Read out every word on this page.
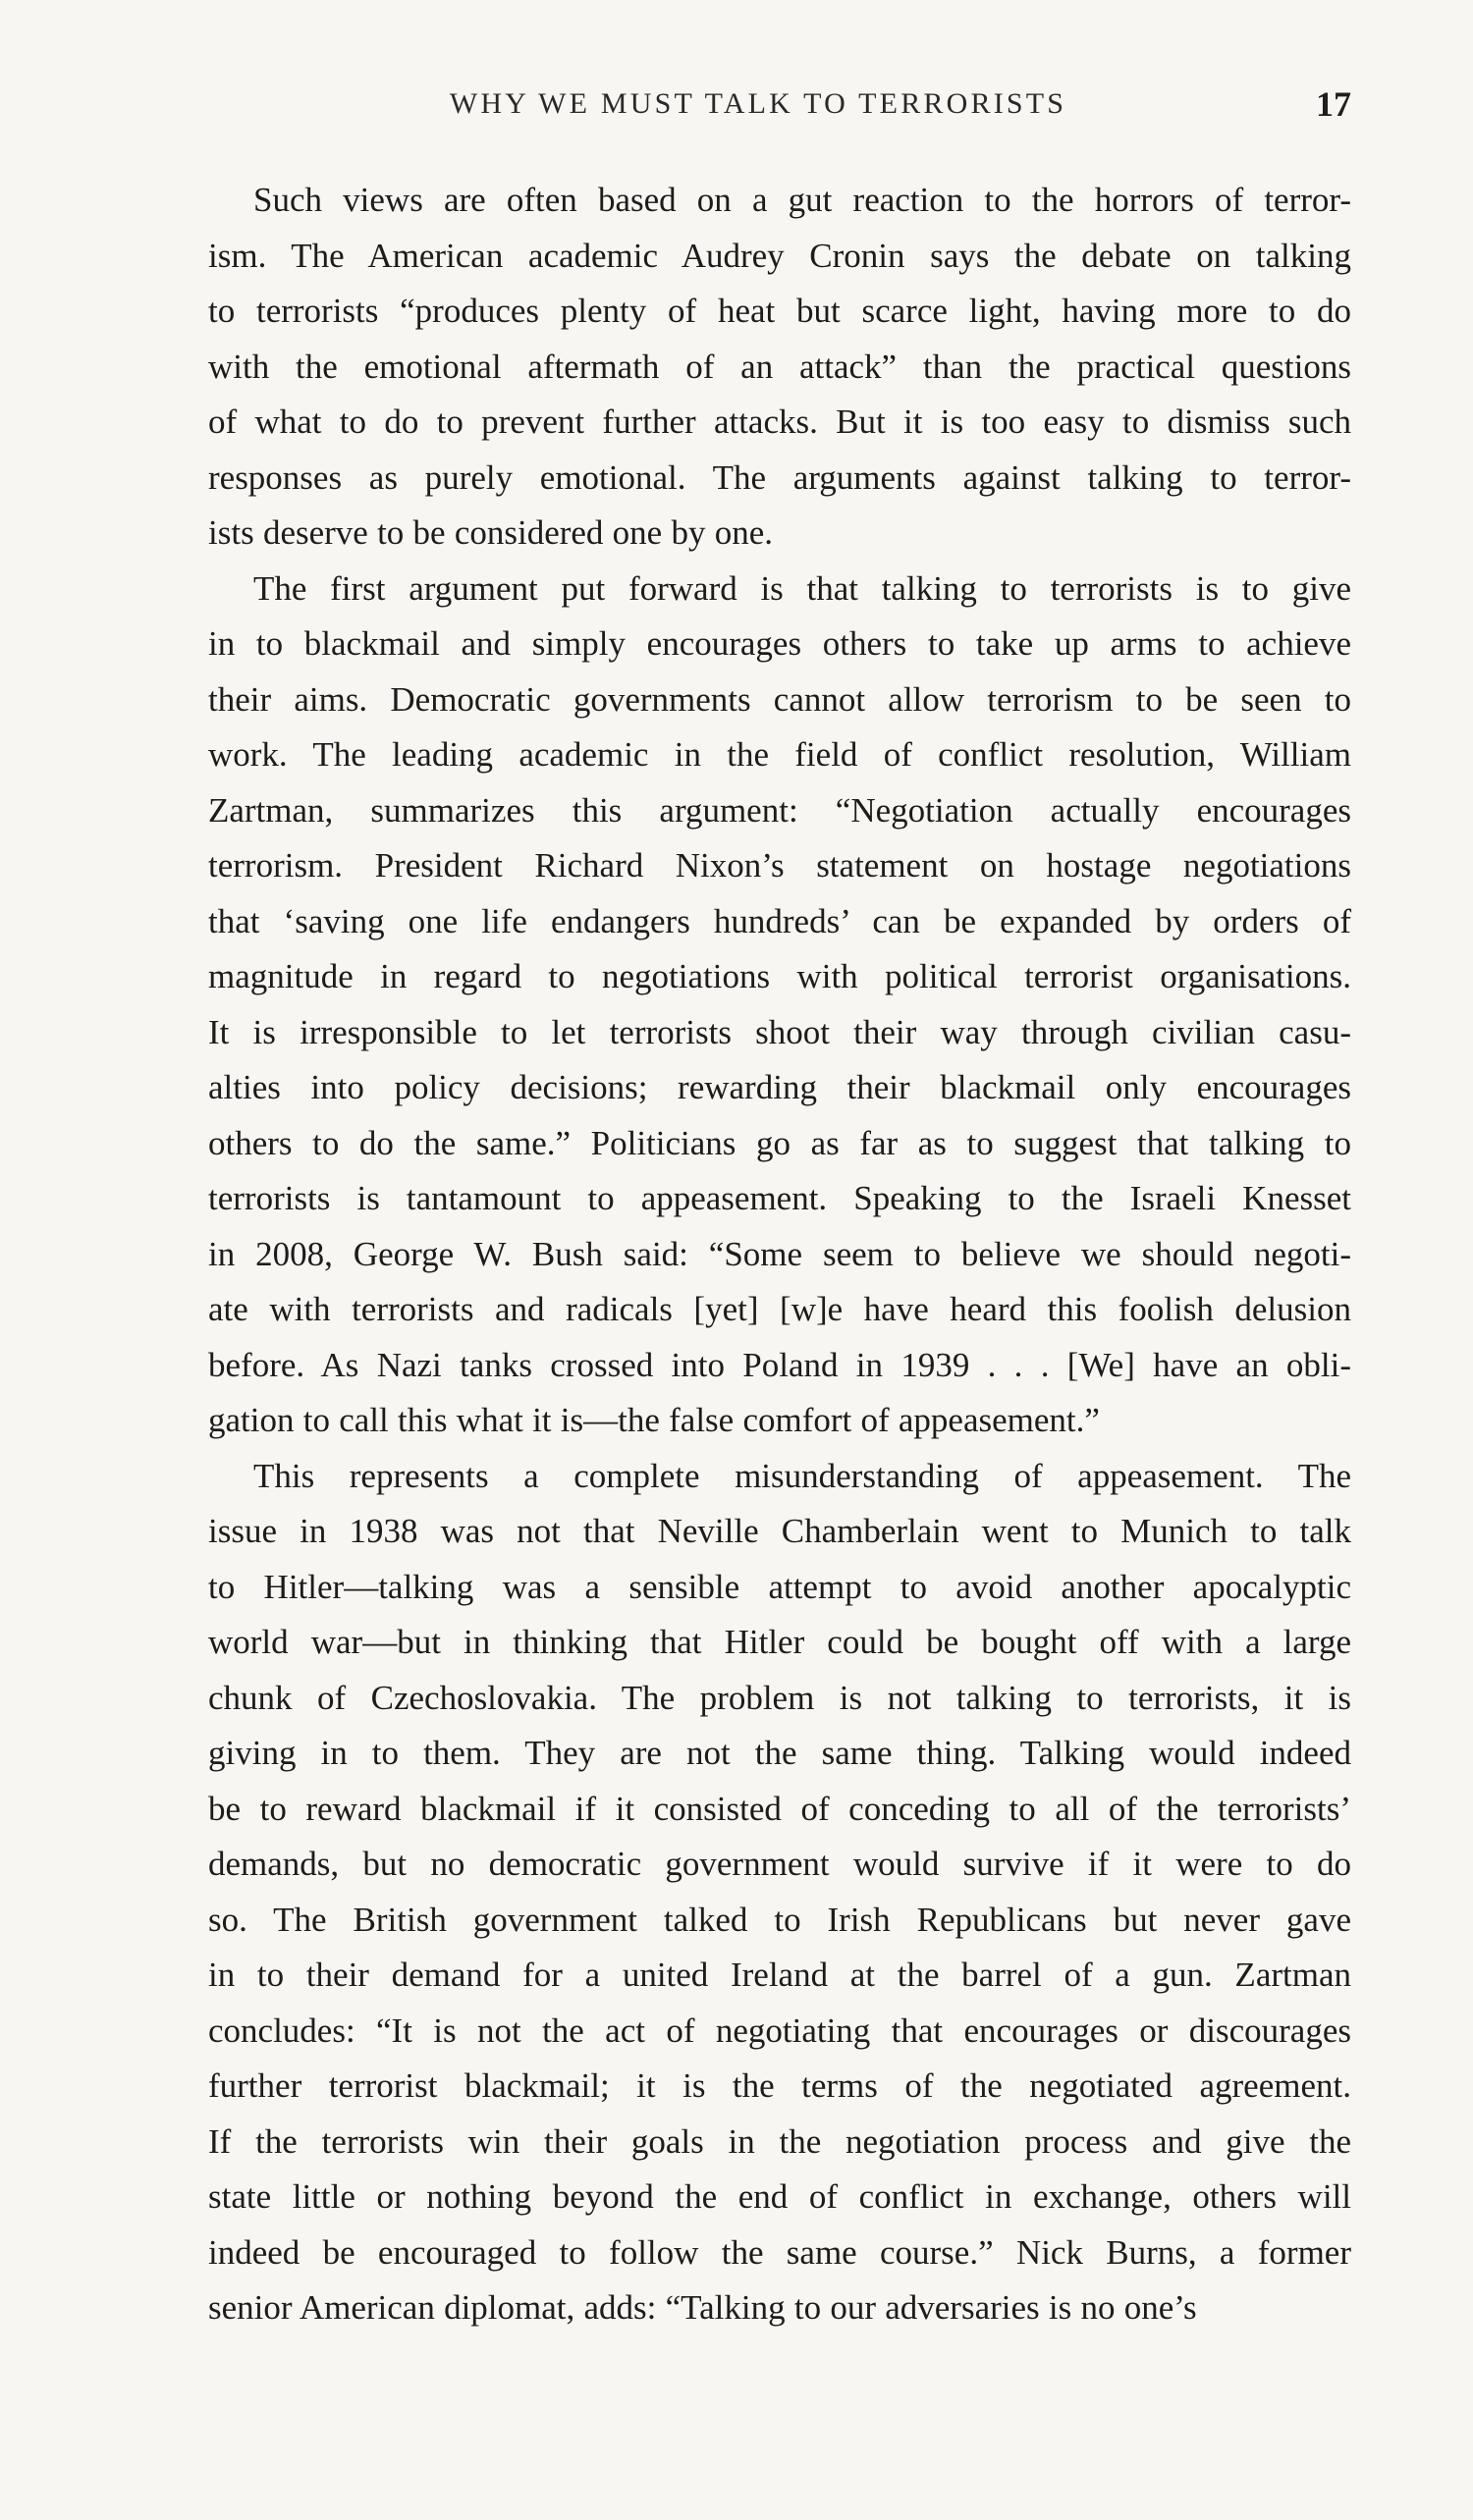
WHY WE MUST TALK TO TERRORISTS	17
Such views are often based on a gut reaction to the horrors of terror-
ism. The American academic Audrey Cronin says the debate on talking
to terrorists “produces plenty of heat but scarce light, having more to do
with the emotional aftermath of an attack” than the practical questions
of what to do to prevent further attacks. But it is too easy to dismiss such
responses as purely emotional. The arguments against talking to terror-
ists deserve to be considered one by one.
The first argument put forward is that talking to terrorists is to give
in to blackmail and simply encourages others to take up arms to achieve
their aims. Democratic governments cannot allow terrorism to be seen to
work. The leading academic in the field of conflict resolution, William
Zartman, summarizes this argument: “Negotiation actually encourages
terrorism. President Richard Nixon’s statement on hostage negotiations
that ‘saving one life endangers hundreds’ can be expanded by orders of
magnitude in regard to negotiations with political terrorist organisations.
It is irresponsible to let terrorists shoot their way through civilian casu-
alties into policy decisions; rewarding their blackmail only encourages
others to do the same.” Politicians go as far as to suggest that talking to
terrorists is tantamount to appeasement. Speaking to the Israeli Knesset
in 2008, George W. Bush said: “Some seem to believe we should negoti-
ate with terrorists and radicals [yet] [w]e have heard this foolish delusion
before. As Nazi tanks crossed into Poland in 1939 . . . [We] have an obli-
gation to call this what it is—the false comfort of appeasement.”
This represents a complete misunderstanding of appeasement. The
issue in 1938 was not that Neville Chamberlain went to Munich to talk
to Hitler—talking was a sensible attempt to avoid another apocalyptic
world war—but in thinking that Hitler could be bought off with a large
chunk of Czechoslovakia. The problem is not talking to terrorists, it is
giving in to them. They are not the same thing. Talking would indeed
be to reward blackmail if it consisted of conceding to all of the terrorists’
demands, but no democratic government would survive if it were to do
so. The British government talked to Irish Republicans but never gave
in to their demand for a united Ireland at the barrel of a gun. Zartman
concludes: “It is not the act of negotiating that encourages or discourages
further terrorist blackmail; it is the terms of the negotiated agreement.
If the terrorists win their goals in the negotiation process and give the
state little or nothing beyond the end of conflict in exchange, others will
indeed be encouraged to follow the same course.” Nick Burns, a former
senior American diplomat, adds: “Talking to our adversaries is no one’s
